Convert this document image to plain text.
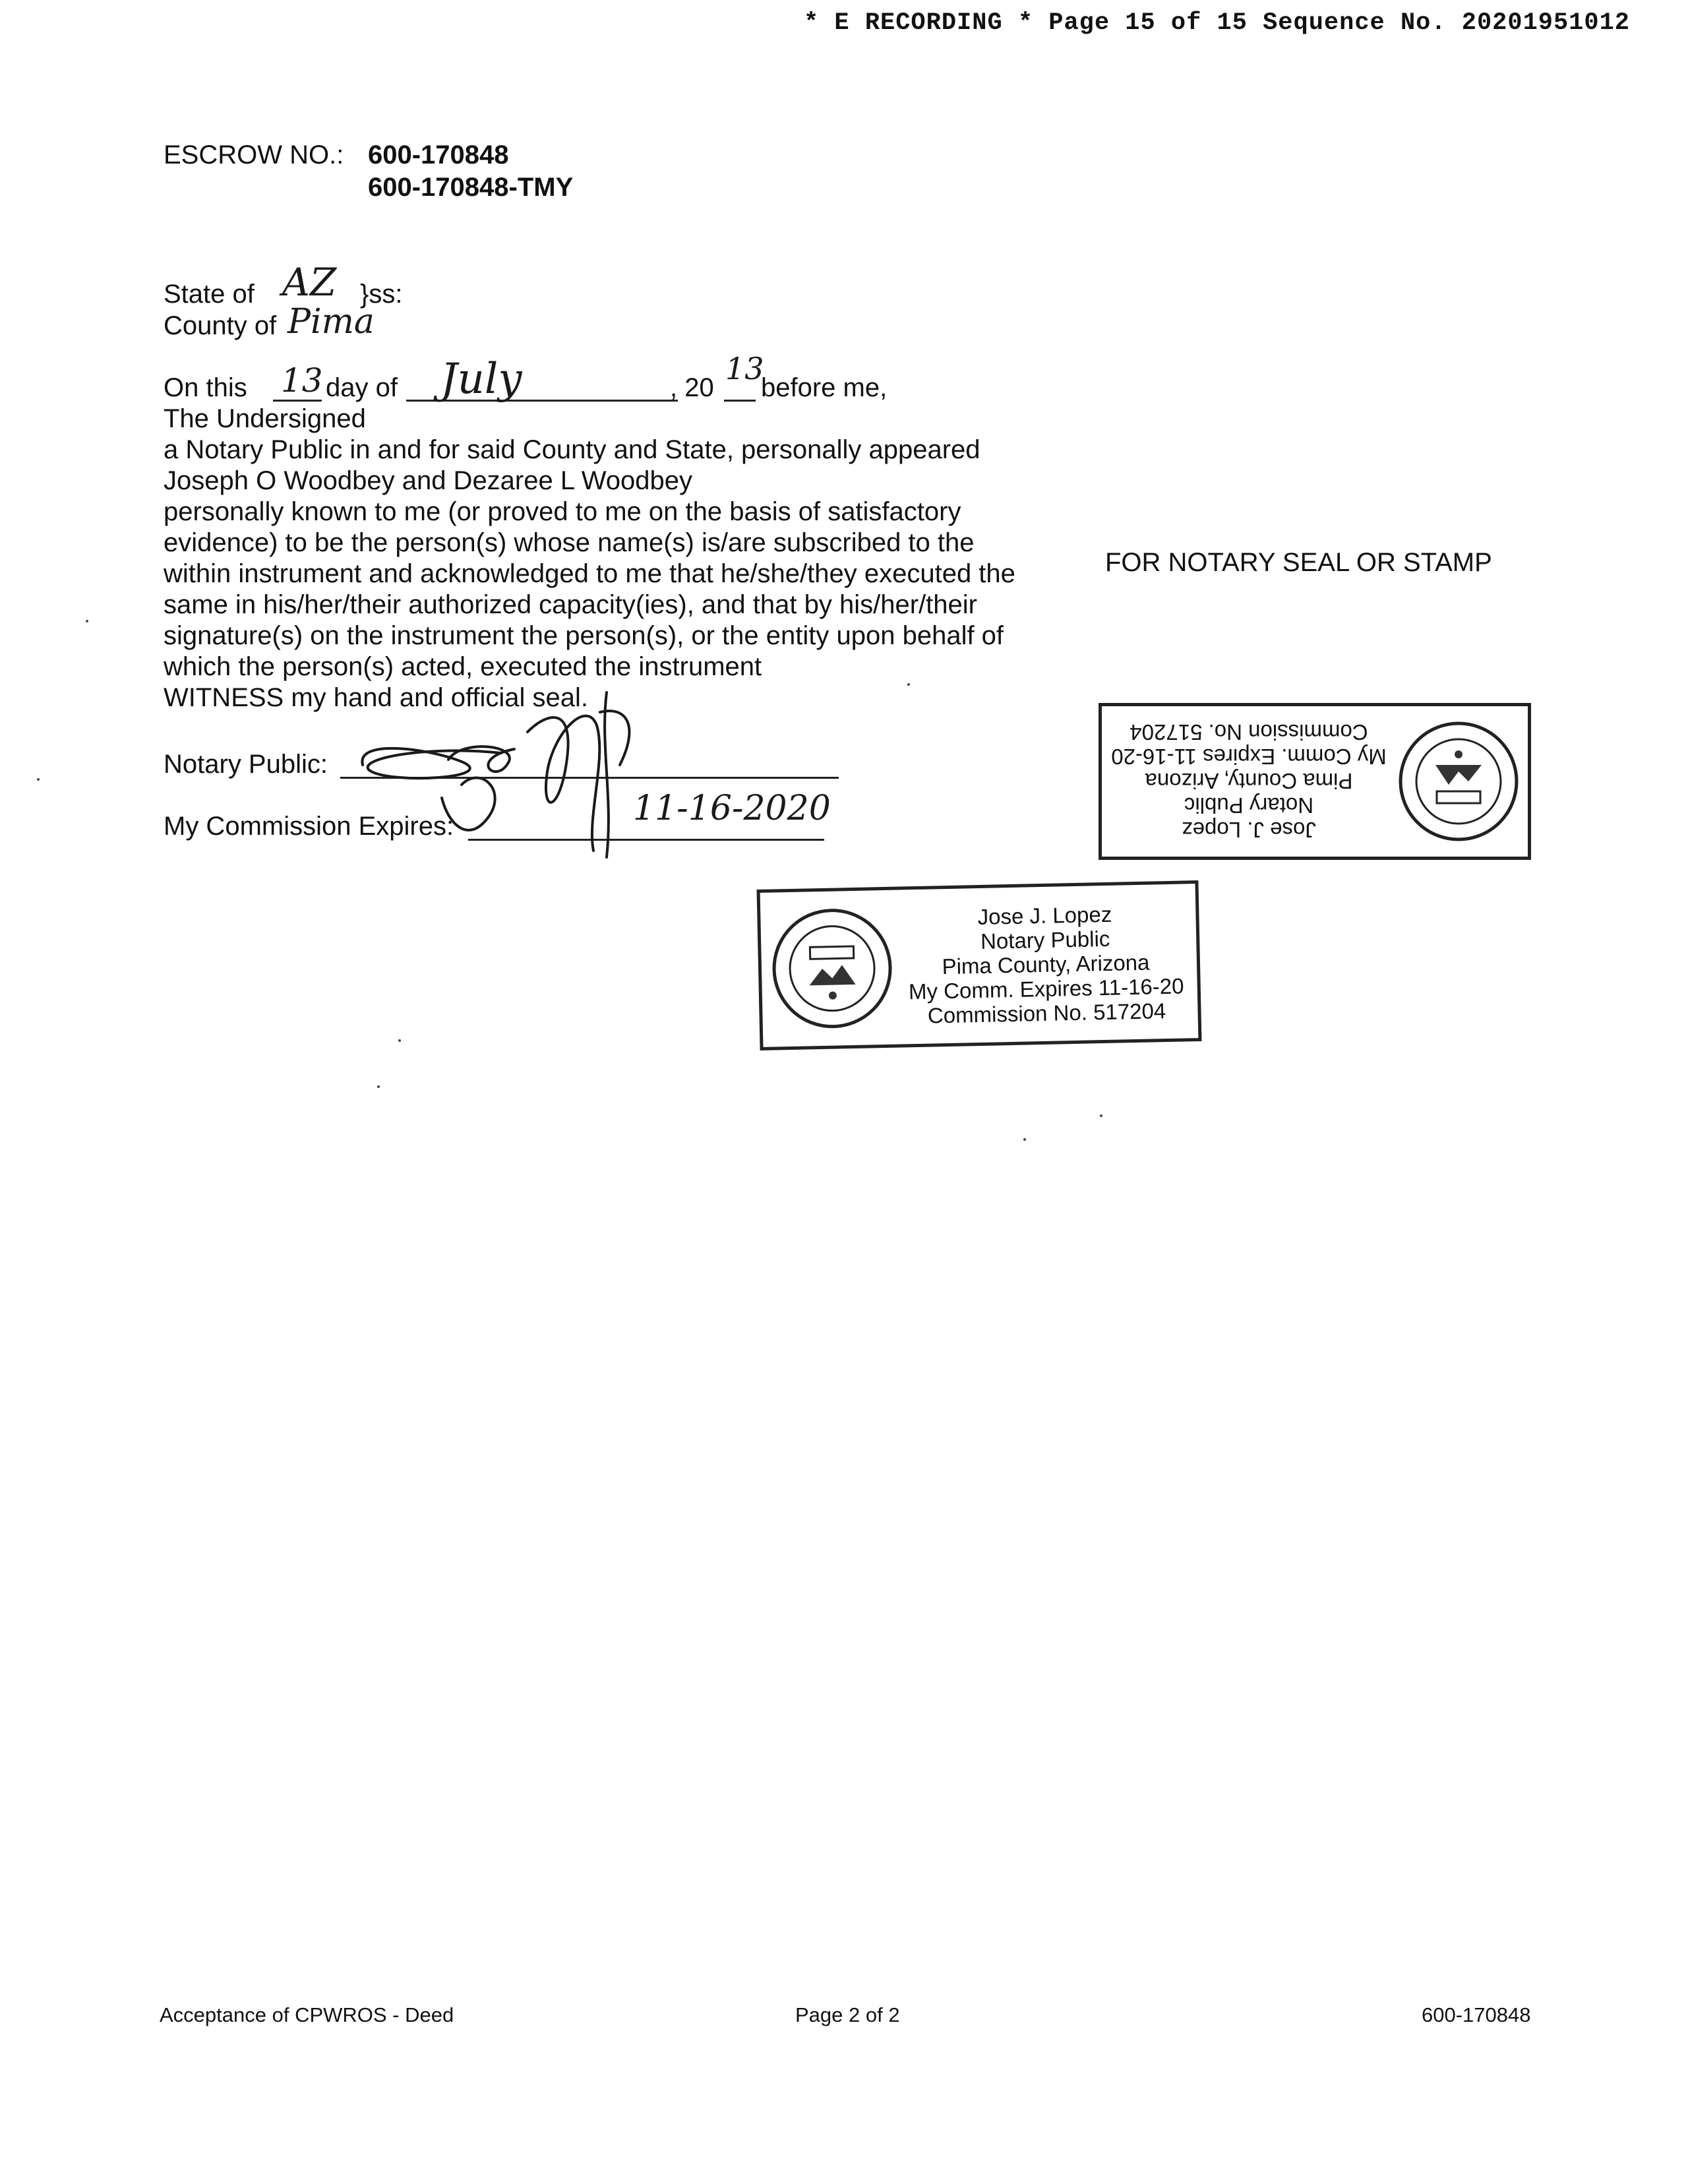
* E RECORDING * Page 15 of 15 Sequence No. 20201951012
ESCROW NO.: 600-170848
600-170848-TMY
State of AZ }ss:
County of Pima
On this 13 day of July	, 20
13
before me,
The Undersigned
a Notary Public in and for said County and State, personally appeared
Joseph O Woodbey and Dezaree L Woodbey
personally known to me (or proved to me on the basis of satisfactory
evidence) to be the person(s) whose name(s) is/are subscribed to the
within instrument and acknowledged to me that he/she/they executed the
same in his/her/their authorized capacity(ies), and that by his/her/their
signature(s) on the instrument the person(s), or the entity upon behalf of
which the person(s) acted, executed the instrument
WITNESS my hand and official seal.
FOR NOTARY SEAL OR STAMP
Notary Public:
My Commission Expires:	11-16-2020
Jose J. Lopez
Notary Public
Pima County, Arizona
My Comm. Expires 11-16-20
Commission No. 517204
Jose J. Lopez
Notary Public
Pima County, Arizona
My Comm. Expires 11-16-20
Commission No. 517204
Acceptance of CPWROS - Deed	Page 2 of 2	600-170848
